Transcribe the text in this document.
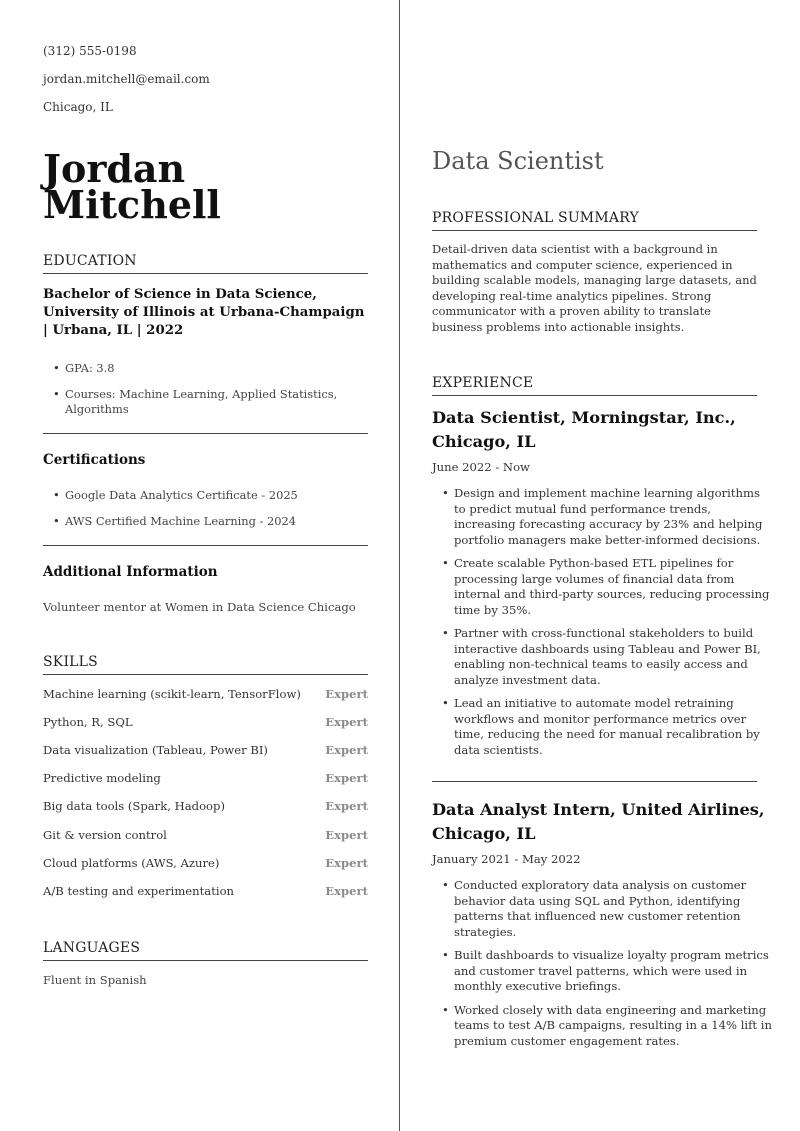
(312) 555-0198
jordan.mitchell@email.com
Chicago, IL
Jordan
Mitchell
EDUCATION
Bachelor of Science in Data Science, University of Illinois at Urbana-Champaign | Urbana, IL | 2022
• GPA: 3.8
• Courses: Machine Learning, Applied Statistics, Algorithms
Certifications
• Google Data Analytics Certificate - 2025
• AWS Certified Machine Learning - 2024
Additional Information
Volunteer mentor at Women in Data Science Chicago
SKILLS
Machine learning (scikit-learn, TensorFlow) Expert
Python, R, SQL	Expert
Data visualization (Tableau, Power BI)	Expert
Predictive modeling	Expert
Big data tools (Spark, Hadoop)	Expert
Git & version control	Expert
Cloud platforms (AWS, Azure)	Expert
A/B testing and experimentation	Expert
LANGUAGES
Fluent in Spanish
Data Scientist
PROFESSIONAL SUMMARY
Detail-driven data scientist with a background in mathematics and computer science, experienced in building scalable models, managing large datasets, and developing real-time analytics pipelines. Strong communicator with a proven ability to translate business problems into actionable insights.
EXPERIENCE
Data Scientist, Morningstar, Inc., Chicago, IL
June 2022 - Now
• Design and implement machine learning algorithms to predict mutual fund performance trends, increasing forecasting accuracy by 23% and helping portfolio managers make better-informed decisions.
• Create scalable Python-based ETL pipelines for processing large volumes of financial data from internal and third-party sources, reducing processing time by 35%.
• Partner with cross-functional stakeholders to build interactive dashboards using Tableau and Power BI, enabling non-technical teams to easily access and analyze investment data.
• Lead an initiative to automate model retraining workflows and monitor performance metrics over time, reducing the need for manual recalibration by data scientists.
Data Analyst Intern, United Airlines, Chicago, IL
January 2021 - May 2022
• Conducted exploratory data analysis on customer behavior data using SQL and Python, identifying patterns that influenced new customer retention strategies.
• Built dashboards to visualize loyalty program metrics and customer travel patterns, which were used in monthly executive briefings.
• Worked closely with data engineering and marketing teams to test A/B campaigns, resulting in a 14% lift in premium customer engagement rates.
